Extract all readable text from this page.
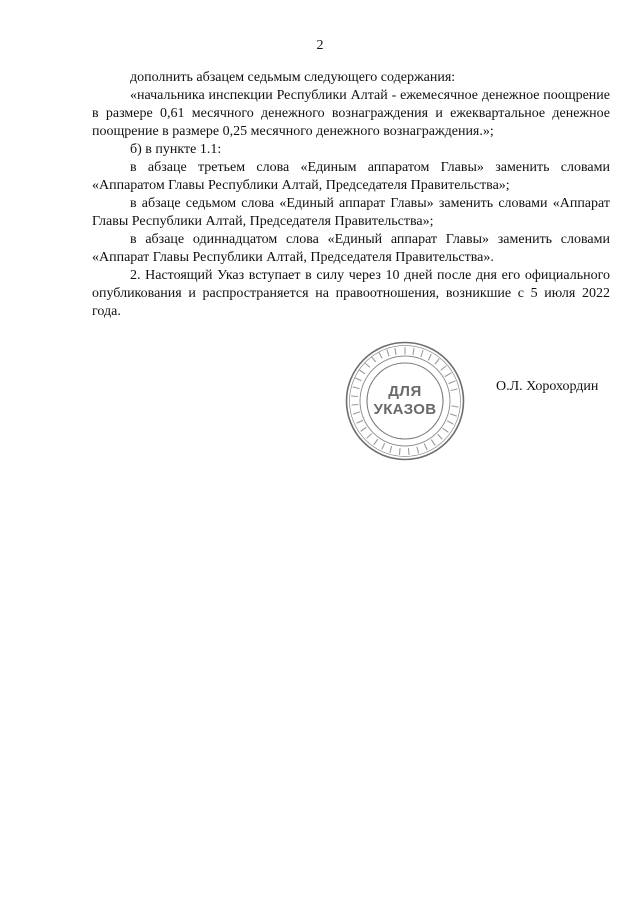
2

дополнить абзацем седьмым следующего содержания:

«начальника инспекции Республики Алтай - ежемесячное денежное поощрение в размере 0,61 месячного денежного вознаграждения и ежеквартальное денежное поощрение в размере 0,25 месячного денежного вознаграждения.»;

б) в пункте 1.1:

в абзаце третьем слова «Единым аппаратом Главы» заменить словами «Аппаратом Главы Республики Алтай, Председателя Правительства»;

в абзаце седьмом слова «Единый аппарат Главы» заменить словами «Аппарат Главы Республики Алтай, Председателя Правительства»;

в абзаце одиннадцатом слова «Единый аппарат Главы» заменить словами «Аппарат Главы Республики Алтай, Председателя Правительства».

2. Настоящий Указ вступает в силу через 10 дней после дня его официального опубликования и распространяется на правоотношения, возникшие с 5 июля 2022 года.

ДЛЯ
УКАЗОВ
О.Л. Хорохордин
